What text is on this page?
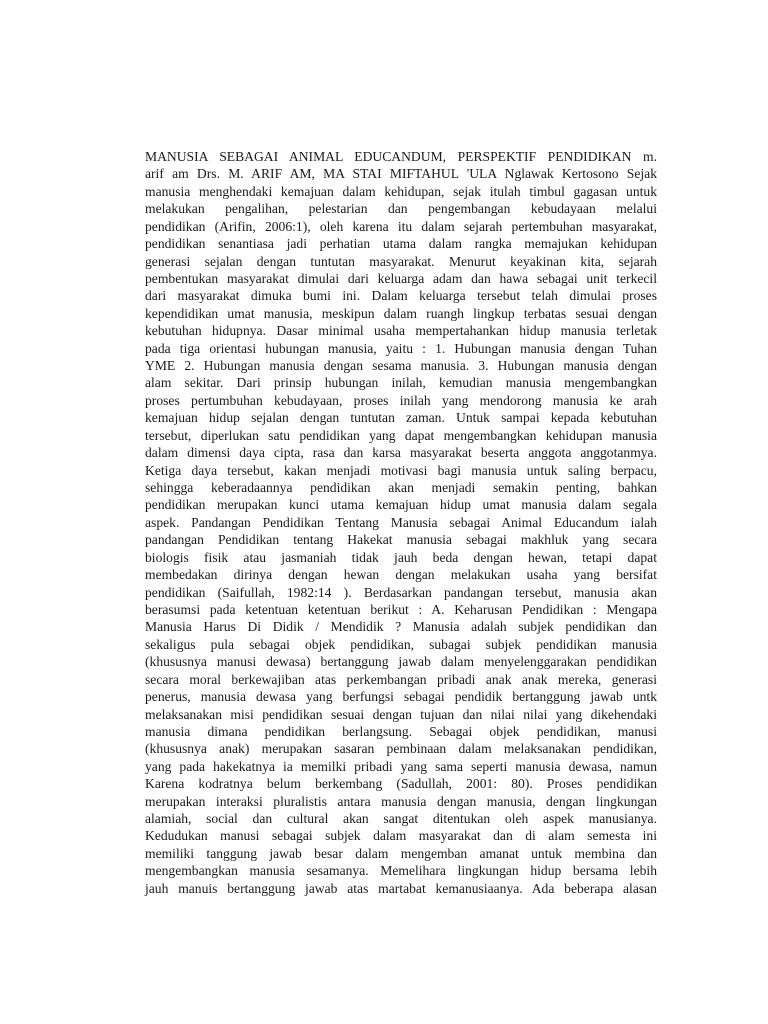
MANUSIA SEBAGAI ANIMAL EDUCANDUM, PERSPEKTIF PENDIDIKAN m.
arif am Drs. M. ARIF AM, MA STAI MIFTAHUL 'ULA Nglawak Kertosono Sejak
manusia menghendaki kemajuan dalam kehidupan, sejak itulah timbul gagasan untuk
melakukan pengalihan, pelestarian dan pengembangan kebudayaan melalui
pendidikan (Arifin, 2006:1), oleh karena itu dalam sejarah pertembuhan masyarakat,
pendidikan senantiasa jadi perhatian utama dalam rangka memajukan kehidupan
generasi sejalan dengan tuntutan masyarakat. Menurut keyakinan kita, sejarah
pembentukan masyarakat dimulai dari keluarga adam dan hawa sebagai unit terkecil
dari masyarakat dimuka bumi ini. Dalam keluarga tersebut telah dimulai proses
kependidikan umat manusia, meskipun dalam ruangh lingkup terbatas sesuai dengan
kebutuhan hidupnya. Dasar minimal usaha mempertahankan hidup manusia terletak
pada tiga orientasi hubungan manusia, yaitu : 1. Hubungan manusia dengan Tuhan
YME 2. Hubungan manusia dengan sesama manusia. 3. Hubungan manusia dengan
alam sekitar. Dari prinsip hubungan inilah, kemudian manusia mengembangkan
proses pertumbuhan kebudayaan, proses inilah yang mendorong manusia ke arah
kemajuan hidup sejalan dengan tuntutan zaman. Untuk sampai kepada kebutuhan
tersebut, diperlukan satu pendidikan yang dapat mengembangkan kehidupan manusia
dalam dimensi daya cipta, rasa dan karsa masyarakat beserta anggota anggotanmya.
Ketiga daya tersebut, kakan menjadi motivasi bagi manusia untuk saling berpacu,
sehingga keberadaannya pendidikan akan menjadi semakin penting, bahkan
pendidikan merupakan kunci utama kemajuan hidup umat manusia dalam segala
aspek. Pandangan Pendidikan Tentang Manusia sebagai Animal Educandum ialah
pandangan Pendidikan tentang Hakekat manusia sebagai makhluk yang secara
biologis fisik atau jasmaniah tidak jauh beda dengan hewan, tetapi dapat
membedakan dirinya dengan hewan dengan melakukan usaha yang bersifat
pendidikan (Saifullah, 1982:14 ). Berdasarkan pandangan tersebut, manusia akan
berasumsi pada ketentuan ketentuan berikut : A. Keharusan Pendidikan : Mengapa
Manusia Harus Di Didik / Mendidik ? Manusia adalah subjek pendidikan dan
sekaligus pula sebagai objek pendidikan, subagai subjek pendidikan manusia
(khususnya manusi dewasa) bertanggung jawab dalam menyelenggarakan pendidikan
secara moral berkewajiban atas perkembangan pribadi anak anak mereka, generasi
penerus, manusia dewasa yang berfungsi sebagai pendidik bertanggung jawab untk
melaksanakan misi pendidikan sesuai dengan tujuan dan nilai nilai yang dikehendaki
manusia dimana pendidikan berlangsung. Sebagai objek pendidikan, manusi
(khususnya anak) merupakan sasaran pembinaan dalam melaksanakan pendidikan,
yang pada hakekatnya ia memilki pribadi yang sama seperti manusia dewasa, namun
Karena kodratnya belum berkembang (Sadullah, 2001: 80). Proses pendidikan
merupakan interaksi pluralistis antara manusia dengan manusia, dengan lingkungan
alamiah, social dan cultural akan sangat ditentukan oleh aspek manusianya.
Kedudukan manusi sebagai subjek dalam masyarakat dan di alam semesta ini
memiliki tanggung jawab besar dalam mengemban amanat untuk membina dan
mengembangkan manusia sesamanya. Memelihara lingkungan hidup bersama lebih
jauh manuis bertanggung jawab atas martabat kemanusiaanya. Ada beberapa alasan
